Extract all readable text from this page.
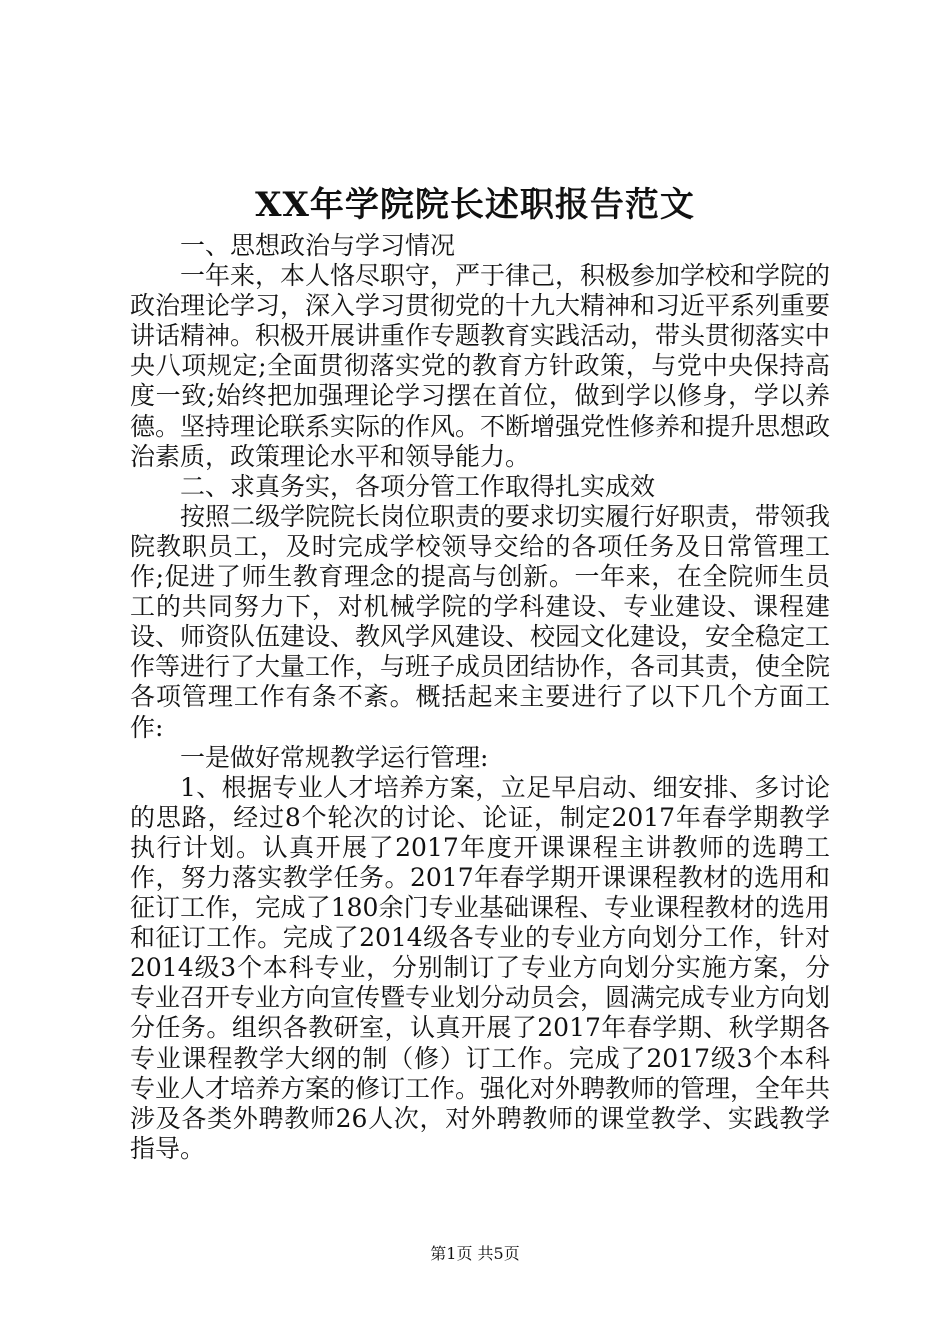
XX年学院院长述职报告范文

一、思想政治与学习情况

一年来，本人恪尽职守，严于律己，积极参加学校和学院的政治理论学习，深入学习贯彻党的十九大精神和习近平系列重要讲话精神。积极开展讲重作专题教育实践活动，带头贯彻落实中央八项规定;全面贯彻落实党的教育方针政策，与党中央保持高度一致;始终把加强理论学习摆在首位，做到学以修身，学以养德。坚持理论联系实际的作风。不断增强党性修养和提升思想政治素质，政策理论水平和领导能力。

二、求真务实，各项分管工作取得扎实成效

按照二级学院院长岗位职责的要求切实履行好职责，带领我院教职员工，及时完成学校领导交给的各项任务及日常管理工作;促进了师生教育理念的提高与创新。一年来，在全院师生员工的共同努力下，对机械学院的学科建设、专业建设、课程建设、师资队伍建设、教风学风建设、校园文化建设，安全稳定工作等进行了大量工作，与班子成员团结协作，各司其责，使全院各项管理工作有条不紊。概括起来主要进行了以下几个方面工作:

一是做好常规教学运行管理:

1、根据专业人才培养方案，立足早启动、细安排、多讨论的思路，经过8个轮次的讨论、论证，制定2017年春学期教学执行计划。认真开展了2017年度开课课程主讲教师的选聘工作，努力落实教学任务。2017年春学期开课课程教材的选用和征订工作，完成了180余门专业基础课程、专业课程教材的选用和征订工作。完成了2014级各专业的专业方向划分工作，针对2014级3个本科专业，分别制订了专业方向划分实施方案，分专业召开专业方向宣传暨专业划分动员会，圆满完成专业方向划分任务。组织各教研室，认真开展了2017年春学期、秋学期各专业课程教学大纲的制（修）订工作。完成了2017级3个本科专业人才培养方案的修订工作。强化对外聘教师的管理，全年共涉及各类外聘教师26人次，对外聘教师的课堂教学、实践教学指导。

第1页 共5页
